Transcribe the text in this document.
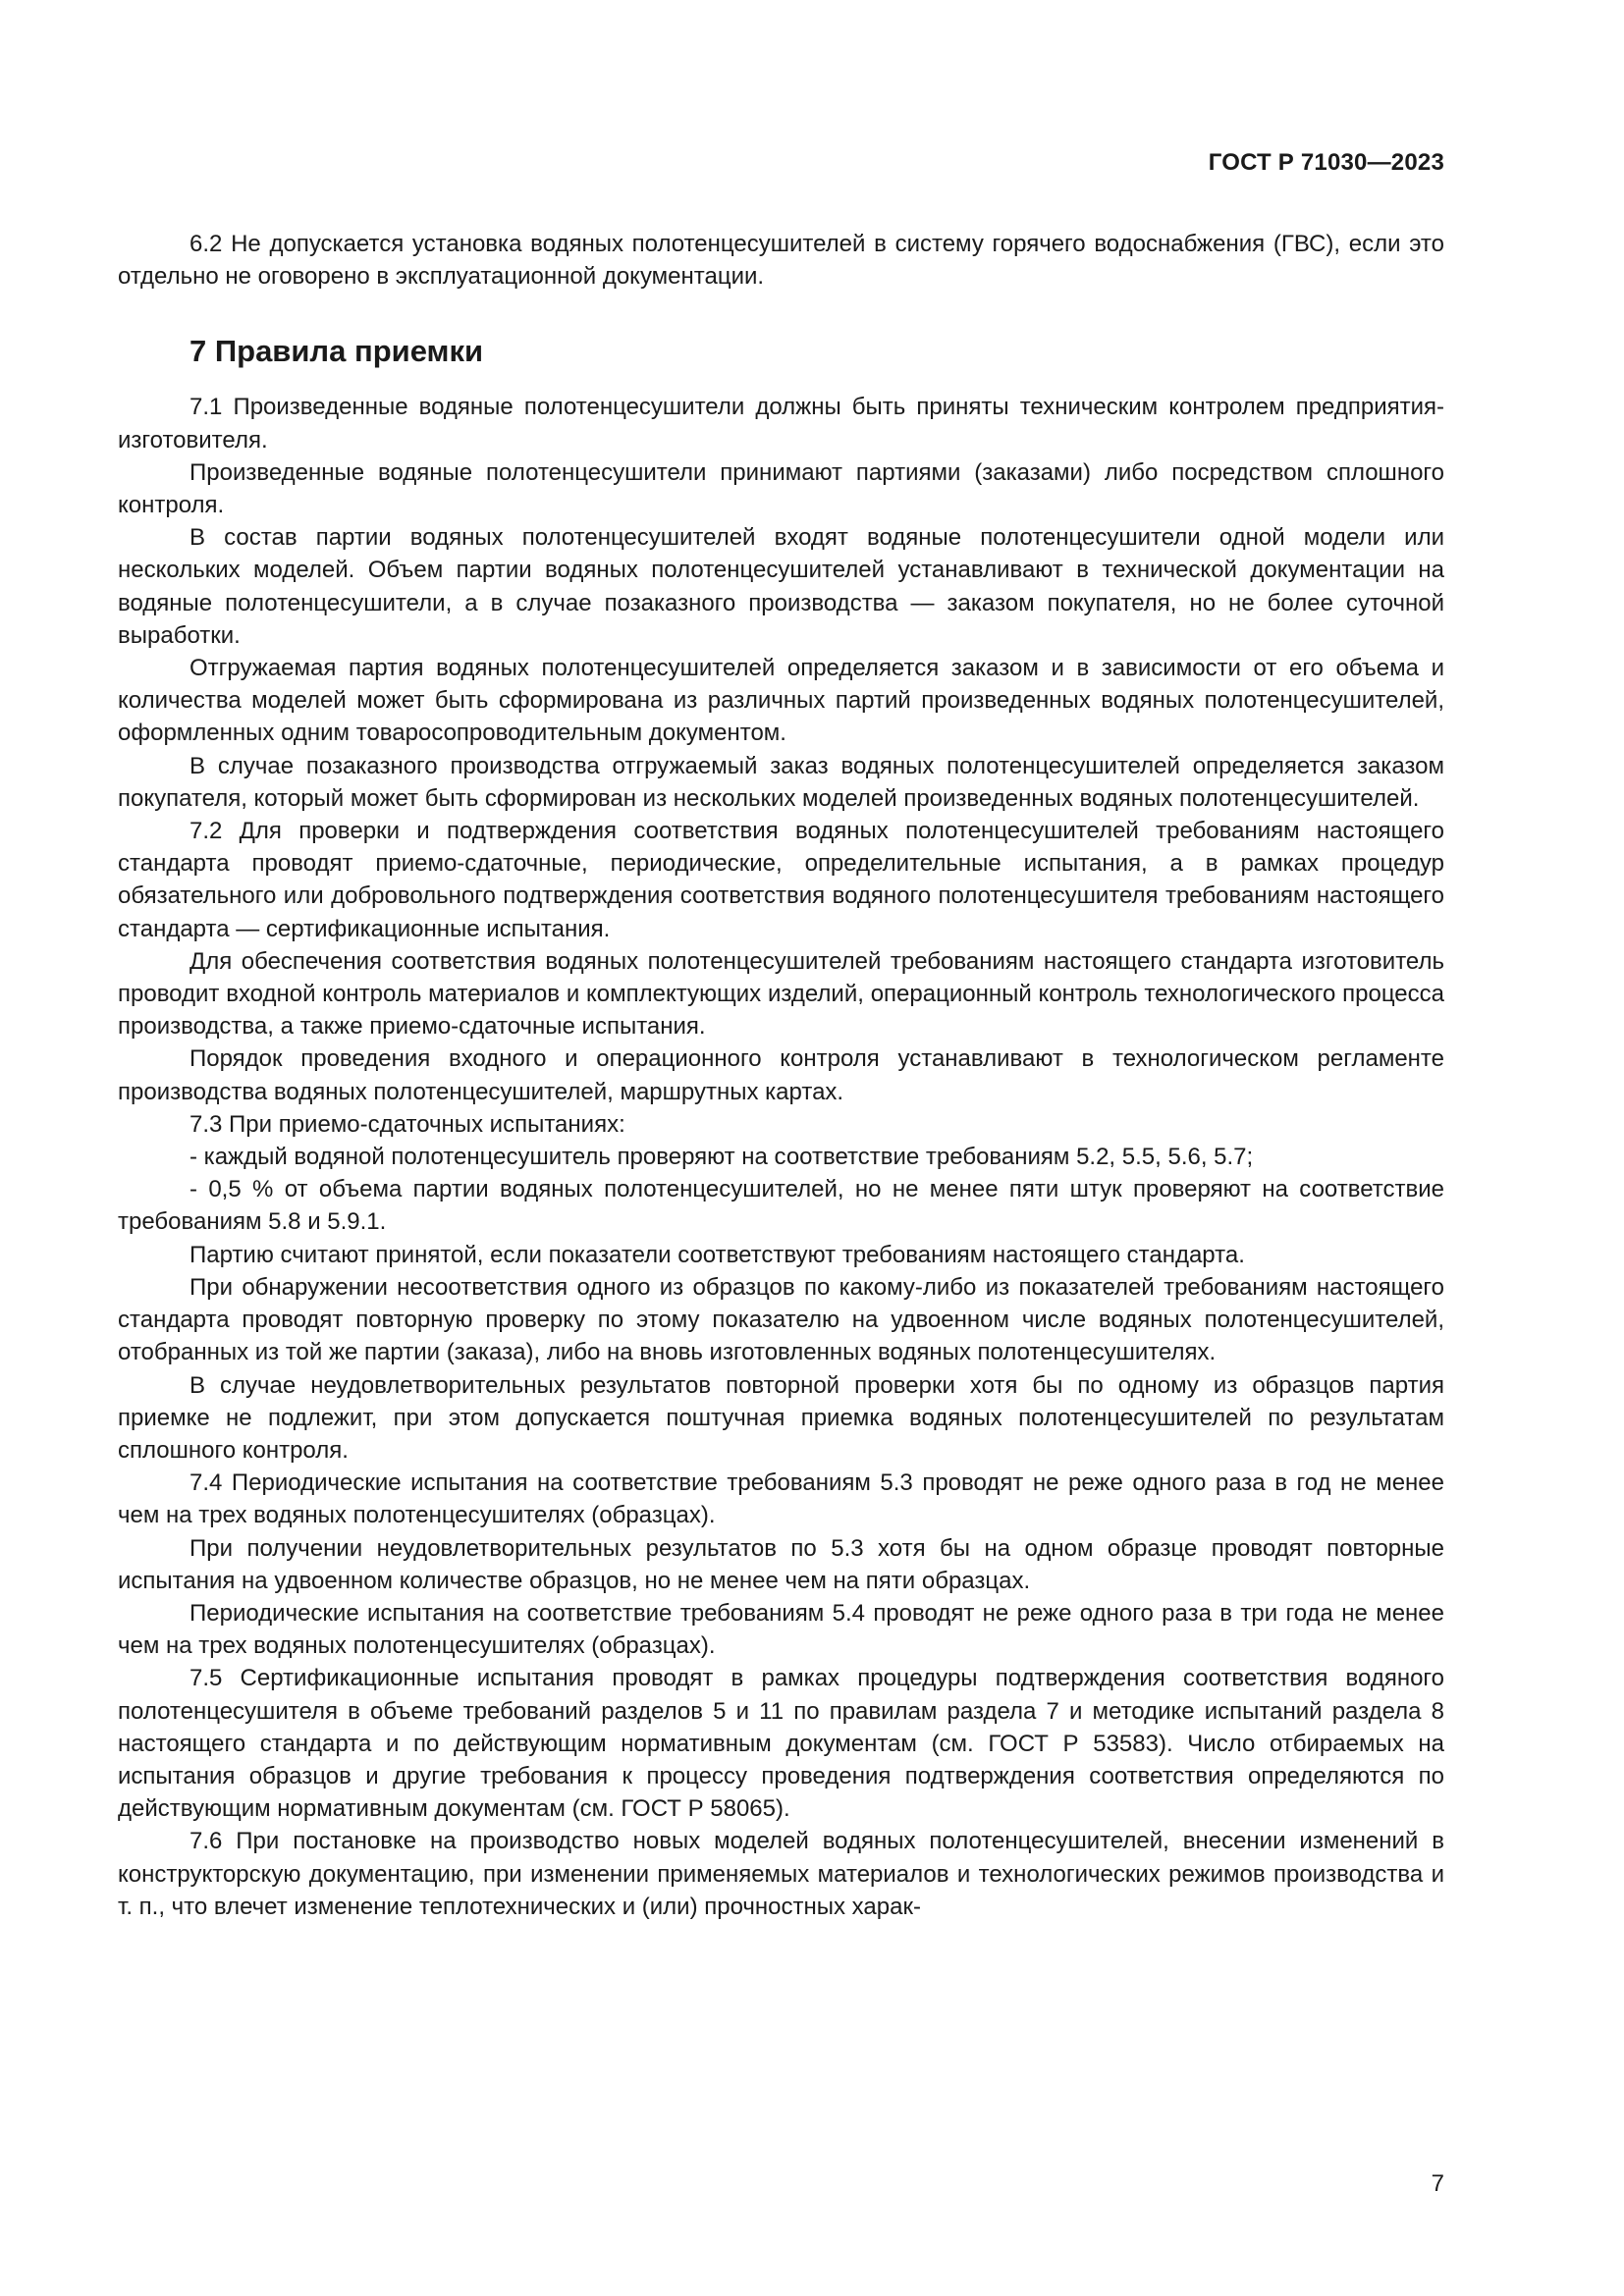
ГОСТ Р 71030—2023

6.2 Не допускается установка водяных полотенцесушителей в систему горячего водоснабжения (ГВС), если это отдельно не оговорено в эксплуатационной документации.

7 Правила приемки

7.1 Произведенные водяные полотенцесушители должны быть приняты техническим контролем предприятия-изготовителя.

Произведенные водяные полотенцесушители принимают партиями (заказами) либо посредством сплошного контроля.

В состав партии водяных полотенцесушителей входят водяные полотенцесушители одной модели или нескольких моделей. Объем партии водяных полотенцесушителей устанавливают в технической документации на водяные полотенцесушители, а в случае позаказного производства — заказом покупателя, но не более суточной выработки.

Отгружаемая партия водяных полотенцесушителей определяется заказом и в зависимости от его объема и количества моделей может быть сформирована из различных партий произведенных водяных полотенцесушителей, оформленных одним товаросопроводительным документом.

В случае позаказного производства отгружаемый заказ водяных полотенцесушителей определяется заказом покупателя, который может быть сформирован из нескольких моделей произведенных водяных полотенцесушителей.

7.2 Для проверки и подтверждения соответствия водяных полотенцесушителей требованиям настоящего стандарта проводят приемо-сдаточные, периодические, определительные испытания, а в рамках процедур обязательного или добровольного подтверждения соответствия водяного полотенцесушителя требованиям настоящего стандарта — сертификационные испытания.

Для обеспечения соответствия водяных полотенцесушителей требованиям настоящего стандарта изготовитель проводит входной контроль материалов и комплектующих изделий, операционный контроль технологического процесса производства, а также приемо-сдаточные испытания.

Порядок проведения входного и операционного контроля устанавливают в технологическом регламенте производства водяных полотенцесушителей, маршрутных картах.

7.3 При приемо-сдаточных испытаниях:

- каждый водяной полотенцесушитель проверяют на соответствие требованиям 5.2, 5.5, 5.6, 5.7;

- 0,5 % от объема партии водяных полотенцесушителей, но не менее пяти штук проверяют на соответствие требованиям 5.8 и 5.9.1.

Партию считают принятой, если показатели соответствуют требованиям настоящего стандарта.

При обнаружении несоответствия одного из образцов по какому-либо из показателей требованиям настоящего стандарта проводят повторную проверку по этому показателю на удвоенном числе водяных полотенцесушителей, отобранных из той же партии (заказа), либо на вновь изготовленных водяных полотенцесушителях.

В случае неудовлетворительных результатов повторной проверки хотя бы по одному из образцов партия приемке не подлежит, при этом допускается поштучная приемка водяных полотенцесушителей по результатам сплошного контроля.

7.4 Периодические испытания на соответствие требованиям 5.3 проводят не реже одного раза в год не менее чем на трех водяных полотенцесушителях (образцах).

При получении неудовлетворительных результатов по 5.3 хотя бы на одном образце проводят повторные испытания на удвоенном количестве образцов, но не менее чем на пяти образцах.

Периодические испытания на соответствие требованиям 5.4 проводят не реже одного раза в три года не менее чем на трех водяных полотенцесушителях (образцах).

7.5 Сертификационные испытания проводят в рамках процедуры подтверждения соответствия водяного полотенцесушителя в объеме требований разделов 5 и 11 по правилам раздела 7 и методике испытаний раздела 8 настоящего стандарта и по действующим нормативным документам (см. ГОСТ Р 53583). Число отбираемых на испытания образцов и другие требования к процессу проведения подтверждения соответствия определяются по действующим нормативным документам (см. ГОСТ Р 58065).

7.6 При постановке на производство новых моделей водяных полотенцесушителей, внесении изменений в конструкторскую документацию, при изменении применяемых материалов и технологических режимов производства и т. п., что влечет изменение теплотехнических и (или) прочностных харак-

7
